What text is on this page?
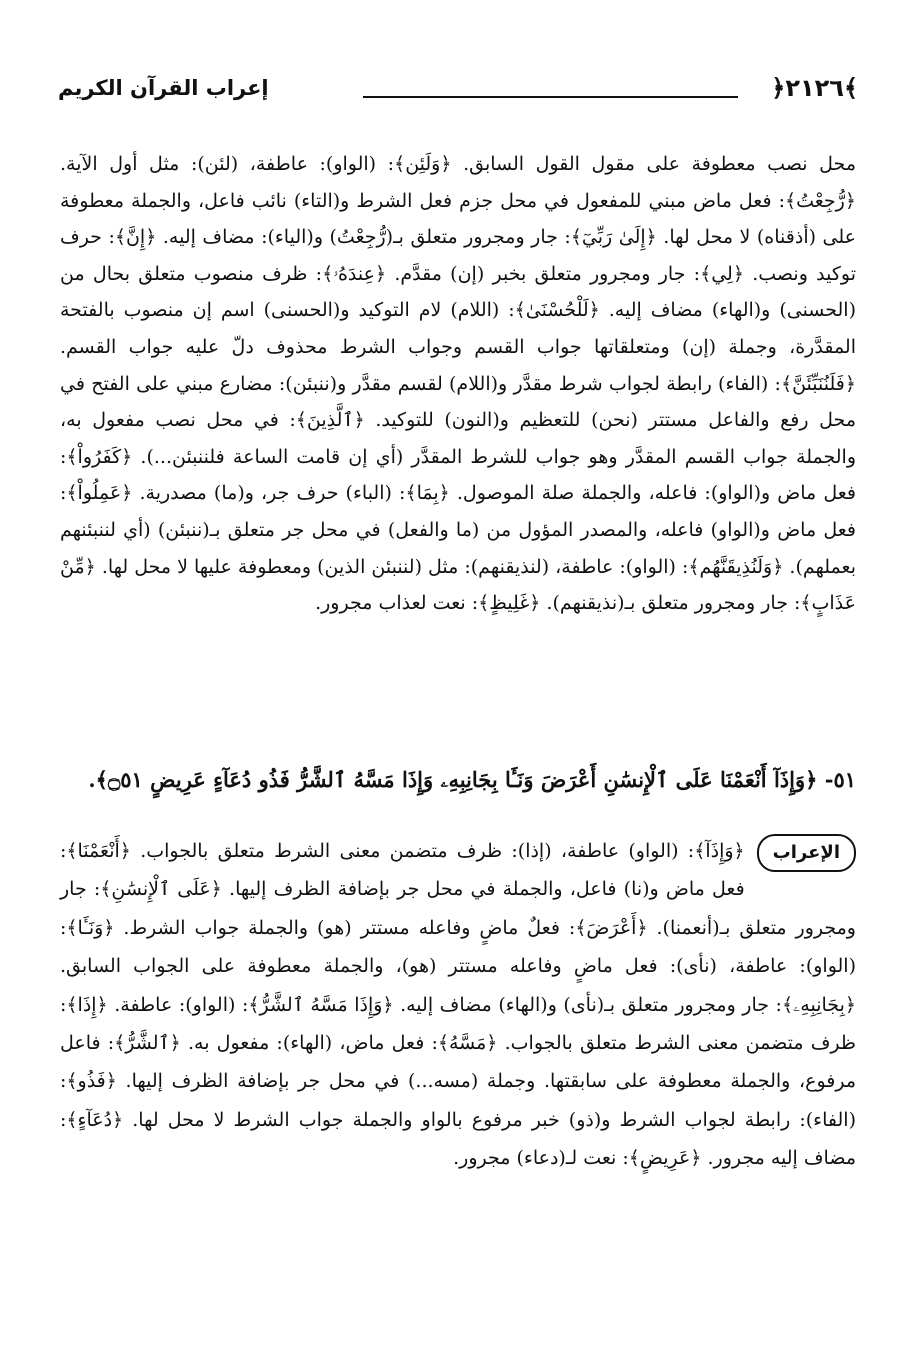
﴿٢١٢٦﴾
إعراب القرآن الكريم

محل نصب معطوفة على مقول القول السابق. ﴿وَلَئِن﴾: (الواو): عاطفة، (لئن): مثل أول الآية. ﴿رُّجِعْتُ﴾: فعل ماض مبني للمفعول في محل جزم فعل الشرط و(التاء) نائب فاعل، والجملة معطوفة على (أذقناه) لا محل لها. ﴿إِلَىٰ رَبِّيٓ﴾: جار ومجرور متعلق بـ(رُّجِعْتُ) و(الياء): مضاف إليه. ﴿إِنَّ﴾: حرف توكيد ونصب. ﴿لِي﴾: جار ومجرور متعلق بخبر (إن) مقدَّم. ﴿عِندَهُۥ﴾: ظرف منصوب متعلق بحال من (الحسنى) و(الهاء) مضاف إليه. ﴿لَلْحُسْنَىٰ﴾: (اللام) لام التوكيد و(الحسنى) اسم إن منصوب بالفتحة المقدَّرة، وجملة (إن) ومتعلقاتها جواب القسم وجواب الشرط محذوف دلّ عليه جواب القسم. ﴿فَلَنُنَبِّئَنَّ﴾: (الفاء) رابطة لجواب شرط مقدَّر و(اللام) لقسم مقدَّر و(ننبئن): مضارع مبني على الفتح في محل رفع والفاعل مستتر (نحن) للتعظيم و(النون) للتوكيد. ﴿ٱلَّذِينَ﴾: في محل نصب مفعول به، والجملة جواب القسم المقدَّر وهو جواب للشرط المقدَّر (أي إن قامت الساعة فلننبئن...). ﴿كَفَرُواْ﴾: فعل ماض و(الواو): فاعله، والجملة صلة الموصول. ﴿بِمَا﴾: (الباء) حرف جر، و(ما) مصدرية. ﴿عَمِلُواْ﴾: فعل ماض و(الواو) فاعله، والمصدر المؤول من (ما والفعل) في محل جر متعلق بـ(ننبئن) (أي لننبئنهم بعملهم). ﴿وَلَنُذِيقَنَّهُم﴾: (الواو): عاطفة، (لنذيقنهم): مثل (لننبئن الذين) ومعطوفة عليها لا محل لها. ﴿مِّنْ عَذَابٍ﴾: جار ومجرور متعلق بـ(نذيقنهم). ﴿غَلِيظٍ﴾: نعت لعذاب مجرور.

٥١- ﴿وَإِذَآ أَنْعَمْنَا عَلَى ٱلْإِنسَٰنِ أَعْرَضَ وَنَـَٔا بِجَانِبِهِۦ وَإِذَا مَسَّهُ ٱلشَّرُّ فَذُو دُعَآءٍ عَرِيضٍ ۝٥١﴾.
الإعراب

﴿وَإِذَآ﴾: (الواو) عاطفة، (إذا): ظرف متضمن معنى الشرط متعلق بالجواب. ﴿أَنْعَمْنَا﴾: فعل ماض و(نا) فاعل، والجملة في محل جر بإضافة الظرف إليها. ﴿عَلَى ٱلْإِنسَٰنِ﴾: جار ومجرور متعلق بـ(أنعمنا). ﴿أَعْرَضَ﴾: فعلٌ ماضٍ وفاعله مستتر (هو) والجملة جواب الشرط. ﴿وَنَـَٔا﴾: (الواو): عاطفة، (نأى): فعل ماضٍ وفاعله مستتر (هو)، والجملة معطوفة على الجواب السابق. ﴿بِجَانِبِهِۦ﴾: جار ومجرور متعلق بـ(نأى) و(الهاء) مضاف إليه. ﴿وَإِذَا مَسَّهُ ٱلشَّرُّ﴾: (الواو): عاطفة. ﴿إِذَا﴾: ظرف متضمن معنى الشرط متعلق بالجواب. ﴿مَسَّهُ﴾: فعل ماض، (الهاء): مفعول به. ﴿ٱلشَّرُّ﴾: فاعل مرفوع، والجملة معطوفة على سابقتها. وجملة (مسه...) في محل جر بإضافة الظرف إليها. ﴿فَذُو﴾: (الفاء): رابطة لجواب الشرط و(ذو) خبر مرفوع بالواو والجملة جواب الشرط لا محل لها. ﴿دُعَآءٍ﴾: مضاف إليه مجرور. ﴿عَرِيضٍ﴾: نعت لـ(دعاء) مجرور.
